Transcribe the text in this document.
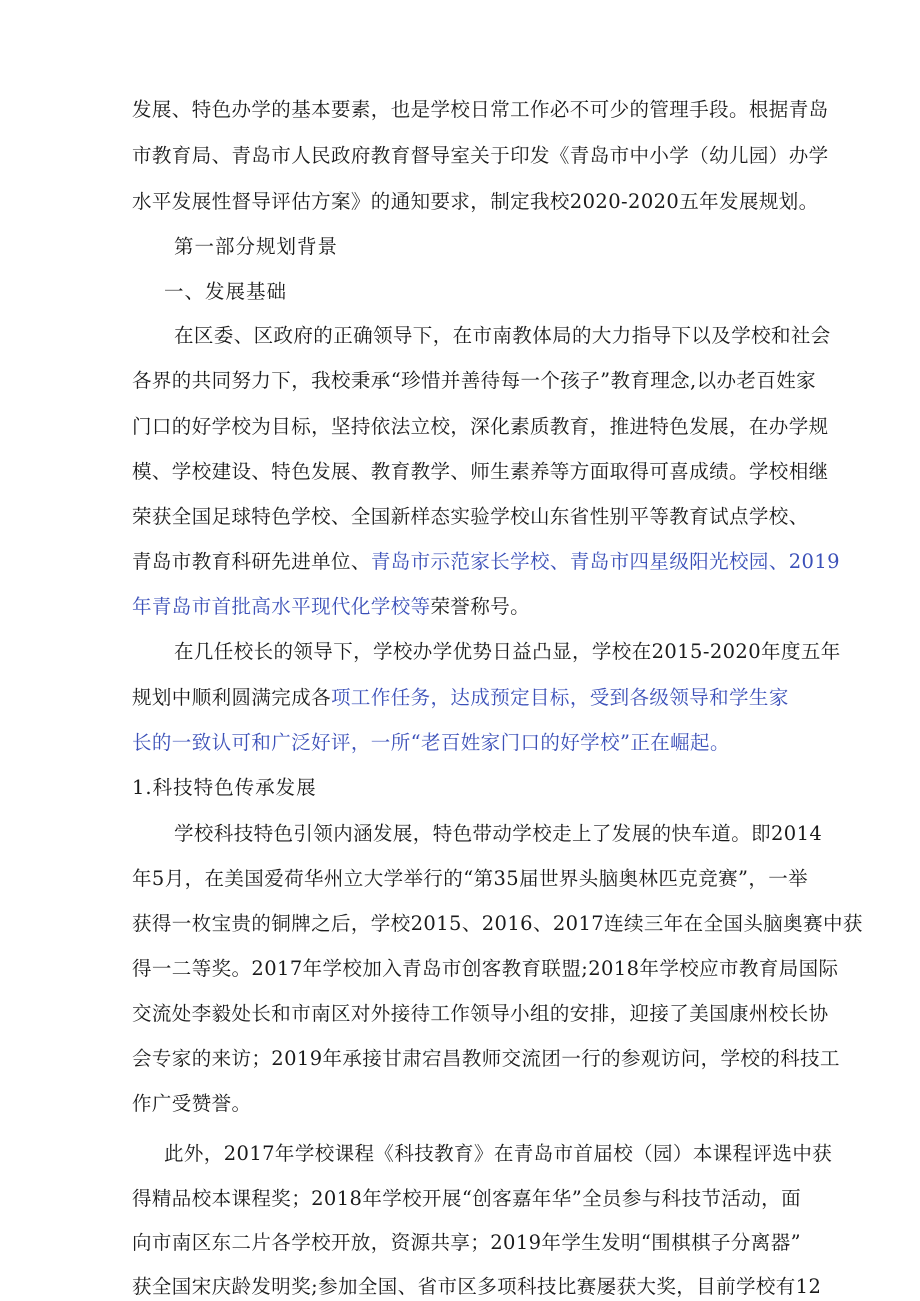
发展、特色办学的基本要素，也是学校日常工作必不可少的管理手段。根据青岛
市教育局、青岛市人民政府教育督导室关于印发《青岛市中小学（幼儿园）办学
水平发展性督导评估方案》的通知要求，制定我校2020-2020五年发展规划。
第一部分规划背景
一、发展基础
在区委、区政府的正确领导下，在市南教体局的大力指导下以及学校和社会
各界的共同努力下，我校秉承“珍惜并善待每一个孩子”教育理念,以办老百姓家
门口的好学校为目标，坚持依法立校，深化素质教育，推进特色发展，在办学规
模、学校建设、特色发展、教育教学、师生素养等方面取得可喜成绩。学校相继
荣获全国足球特色学校、全国新样态实验学校山东省性别平等教育试点学校、
青岛市教育科研先进单位、青岛市示范家长学校、青岛市四星级阳光校园、2019
年青岛市首批高水平现代化学校等荣誉称号。
在几任校长的领导下，学校办学优势日益凸显，学校在2015-2020年度五年
规划中顺利圆满完成各项工作任务，达成预定目标，受到各级领导和学生家
长的一致认可和广泛好评，一所“老百姓家门口的好学校”正在崛起。
1.科技特色传承发展
学校科技特色引领内涵发展，特色带动学校走上了发展的快车道。即2014
年5月，在美国爱荷华州立大学举行的“第35届世界头脑奥林匹克竞赛”，一举
获得一枚宝贵的铜牌之后，学校2015、2016、2017连续三年在全国头脑奥赛中获
得一二等奖。2017年学校加入青岛市创客教育联盟;2018年学校应市教育局国际
交流处李毅处长和市南区对外接待工作领导小组的安排，迎接了美国康州校长协
会专家的来访；2019年承接甘肃宕昌教师交流团一行的参观访问，学校的科技工
作广受赞誉。
此外，2017年学校课程《科技教育》在青岛市首届校（园）本课程评选中获
得精品校本课程奖；2018年学校开展“创客嘉年华”全员参与科技节活动，面
向市南区东二片各学校开放，资源共享；2019年学生发明“围棋棋子分离器”
获全国宋庆龄发明奖;参加全国、省市区多项科技比赛屡获大奖，目前学校有12
